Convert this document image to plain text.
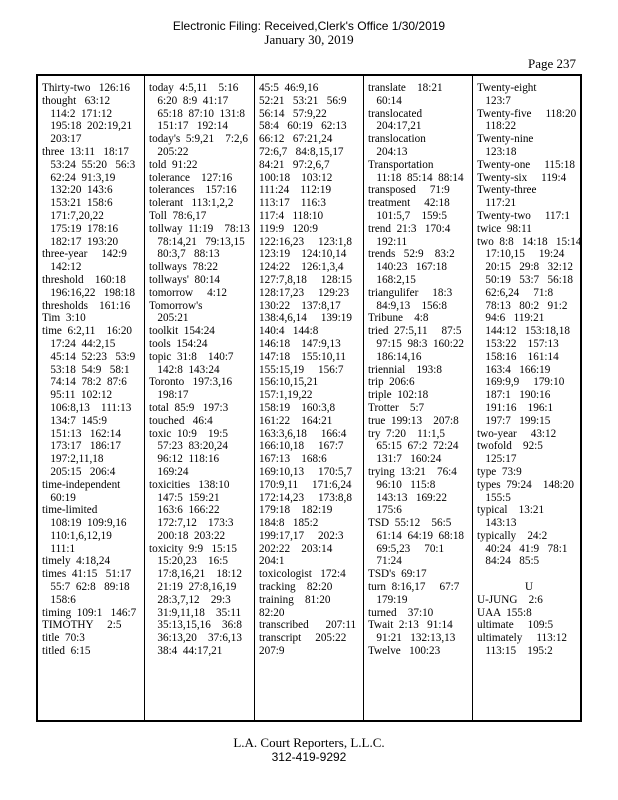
Electronic Filing: Received,Clerk's Office 1/30/2019
January 30, 2019
Page 237
Thirty-two   126:16
thought   63:12
114:2  171:12
195:18  202:19,21
203:17
three  13:11   18:17
53:24  55:20   56:3
62:24  91:3,19
132:20  143:6
153:21  158:6
171:7,20,22
175:19  178:16
182:17  193:20
three-year     142:9
142:12
threshold    160:18
196:16,22   198:18
thresholds    161:16
Tim  3:10
time  6:2,11    16:20
17:24  44:2,15
45:14  52:23   53:9
53:18  54:9   58:1
74:14  78:2  87:6
95:11  102:12
106:8,13    111:13
134:7  145:9
151:13   162:14
173:17   186:17
197:2,11,18
205:15   206:4
time-independent
60:19
time-limited
108:19  109:9,16
110:1,6,12,19
111:1
timely  4:18,24
times  41:15   51:17
55:7  62:8   89:18
158:6
timing  109:1   146:7
TIMOTHY     2:5
title  70:3
titled  6:15
today  4:5,11    5:16
6:20  8:9  41:17
65:18  87:10  131:8
151:17   192:14
today's  5:9,21    7:2,6
205:22
told  91:22
tolerance    127:16
tolerances    157:16
tolerant   113:1,2,2
Toll  78:6,17
tollway  11:19    78:13
78:14,21   79:13,15
80:3,7   88:13
tollways  78:22
tollways'  80:14
tomorrow     4:12
Tomorrow's
205:21
toolkit  154:24
tools  154:24
topic  31:8    140:7
142:8  143:24
Toronto   197:3,16
198:17
total  85:9   197:3
touched   46:4
toxic  10:9    19:5
57:23  83:20,24
96:12  118:16
169:24
toxicities   138:10
147:5  159:21
163:6  166:22
172:7,12    173:3
200:18  203:22
toxicity  9:9   15:15
15:20,23    16:5
17:8,16,21    18:12
21:19  27:8,16,19
28:3,7,12    29:3
31:9,11,18    35:11
35:13,15,16    36:8
36:13,20    37:6,13
38:4  44:17,21
45:5  46:9,16
52:21   53:21   56:9
56:14   57:9,22
58:4   60:19   62:13
66:12   67:21,24
72:6,7   84:8,15,17
84:21   97:2,6,7
100:18    103:12
111:24    112:19
113:17    116:3
117:4   118:10
119:9   120:9
122:16,23     123:1,8
123:19    124:10,14
124:22    126:1,3,4
127:7,8,18     128:15
128:17,23     129:23
130:22    137:8,17
138:4,6,14     139:19
140:4   144:8
146:18    147:9,13
147:18    155:10,11
155:15,19     156:7
156:10,15,21
157:1,19,22
158:19    160:3,8
161:22    164:21
163:3,6,18     166:4
166:10,18     167:7
167:13    168:6
169:10,13     170:5,7
170:9,11     171:6,24
172:14,23     173:8,8
179:18    182:19
184:8   185:2
199:17,17     202:3
202:22    203:14
204:1
toxicologist   172:4
tracking    82:20
training    81:20
82:20
transcribed      207:11
transcript     205:22
207:9
translate    18:21
60:14
translocated
204:17,21
translocation
204:13
Transportation
11:18  85:14  88:14
transposed     71:9
treatment     42:18
101:5,7    159:5
trend  21:3   170:4
192:11
trends   52:9    83:2
140:23   167:18
168:2,15
triangulifer     18:3
84:9,13    156:8
Tribune    4:8
tried  27:5,11     87:5
97:15  98:3  160:22
186:14,16
triennial    193:8
trip  206:6
triple  102:18
Trotter    5:7
true  199:13    207:8
try  7:20    11:1,5
65:15  67:2  72:24
131:7   160:24
trying  13:21    76:4
96:10   115:8
143:13   169:22
175:6
TSD  55:12    56:5
61:14  64:19  68:18
69:5,23     70:1
71:24
TSD's  69:17
turn  8:16,17     67:7
179:19
turned    37:10
Twait  2:13   91:14
91:21   132:13,13
Twelve   100:23
Twenty-eight
123:7
Twenty-five     118:20
118:22
Twenty-nine
123:18
Twenty-one     115:18
Twenty-six     119:4
Twenty-three
117:21
Twenty-two     117:1
twice  98:11
two  8:8   14:18   15:14
17:10,15     19:24
20:15   29:8   32:12
50:19   53:7   56:18
62:6,24     71:8
78:13   80:2   91:2
94:6   119:21
144:12   153:18,18
153:22    157:13
158:16    161:14
163:4   166:19
169:9,9     179:10
187:1   190:16
191:16    196:1
197:7   199:15
two-year     43:12
twofold    92:5
125:17
type  73:9
types  79:24    148:20
155:5
typical    13:21
143:13
typically    24:2
40:24   41:9   78:1
84:24   85:5

U
U-JUNG    2:6
UAA  155:8
ultimate     109:5
ultimately     113:12
113:15    195:2
L.A. Court Reporters, L.L.C.
312-419-9292
